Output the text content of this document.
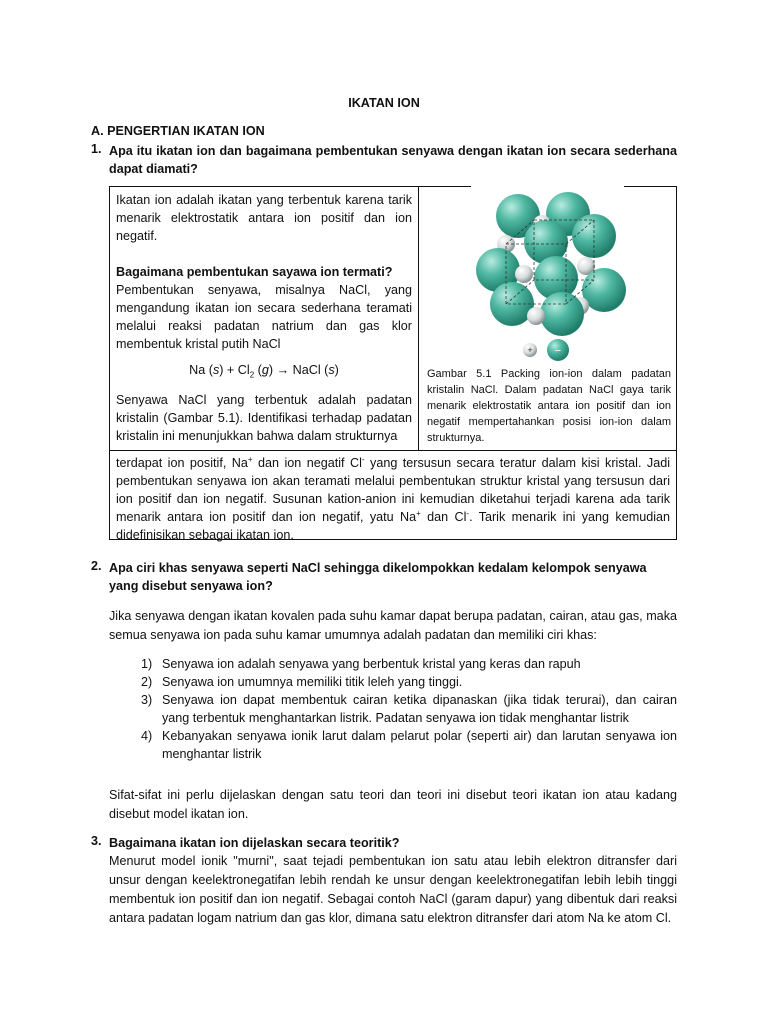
IKATAN ION
A. PENGERTIAN IKATAN ION
1. Apa itu ikatan ion dan bagaimana pembentukan senyawa dengan ikatan ion secara sederhana dapat diamati?
Ikatan ion adalah ikatan yang terbentuk karena tarik menarik elektrostatik antara ion positif dan ion negatif.
Bagaimana pembentukan sayawa ion termati?
Pembentukan senyawa, misalnya NaCl, yang mengandung ikatan ion secara sederhana teramati melalui reaksi padatan natrium dan gas klor membentuk kristal putih NaCl
Na $(s) + Cl_2$ (g) → NaCl (s)
Senyawa NaCl yang terbentuk adalah padatan kristalin (Gambar 5.1). Identifikasi terhadap padatan kristalin ini menunjukkan bahwa dalam strukturnya
+ −
Gambar 5.1 Packing ion-ion dalam padatan kristalin NaCl. Dalam padatan NaCl gaya tarik menarik elektrostatik antara ion positif dan ion negatif mempertahankan posisi ion-ion dalam strukturnya.
terdapat ion positif, Na+ dan ion negatif Cl- yang tersusun secara teratur dalam kisi kristal. Jadi pembentukan senyawa ion akan teramati melalui pembentukan struktur kristal yang tersusun dari ion positif dan ion negatif. Susunan kation-anion ini kemudian diketahui terjadi karena ada tarik menarik antara ion positif dan ion negatif, yatu Na+ dan Cl-. Tarik menarik ini yang kemudian didefinisikan sebagai ikatan ion.
2. Apa ciri khas senyawa seperti NaCl sehingga dikelompokkan kedalam kelompok senyawa yang disebut senyawa ion?
Jika senyawa dengan ikatan kovalen pada suhu kamar dapat berupa padatan, cairan, atau gas, maka semua senyawa ion pada suhu kamar umumnya adalah padatan dan memiliki ciri khas:
1) Senyawa ion adalah senyawa yang berbentuk kristal yang keras dan rapuh
2) Senyawa ion umumnya memiliki titik leleh yang tinggi.
3) Senyawa ion dapat membentuk cairan ketika dipanaskan (jika tidak terurai), dan cairan yang terbentuk menghantarkan listrik. Padatan senyawa ion tidak menghantar listrik
4) Kebanyakan senyawa ionik larut dalam pelarut polar (seperti air) dan larutan senyawa ion menghantar listrik
Sifat-sifat ini perlu dijelaskan dengan satu teori dan teori ini disebut teori ikatan ion atau kadang disebut model ikatan ion.
3. Bagaimana ikatan ion dijelaskan secara teoritik?
Menurut model ionik "murni", saat tejadi pembentukan ion satu atau lebih elektron ditransfer dari unsur dengan keelektronegatifan lebih rendah ke unsur dengan keelektronegatifan lebih lebih tinggi membentuk ion positif dan ion negatif. Sebagai contoh NaCl (garam dapur) yang dibentuk dari reaksi antara padatan logam natrium dan gas klor, dimana satu elektron ditransfer dari atom Na ke atom Cl.
